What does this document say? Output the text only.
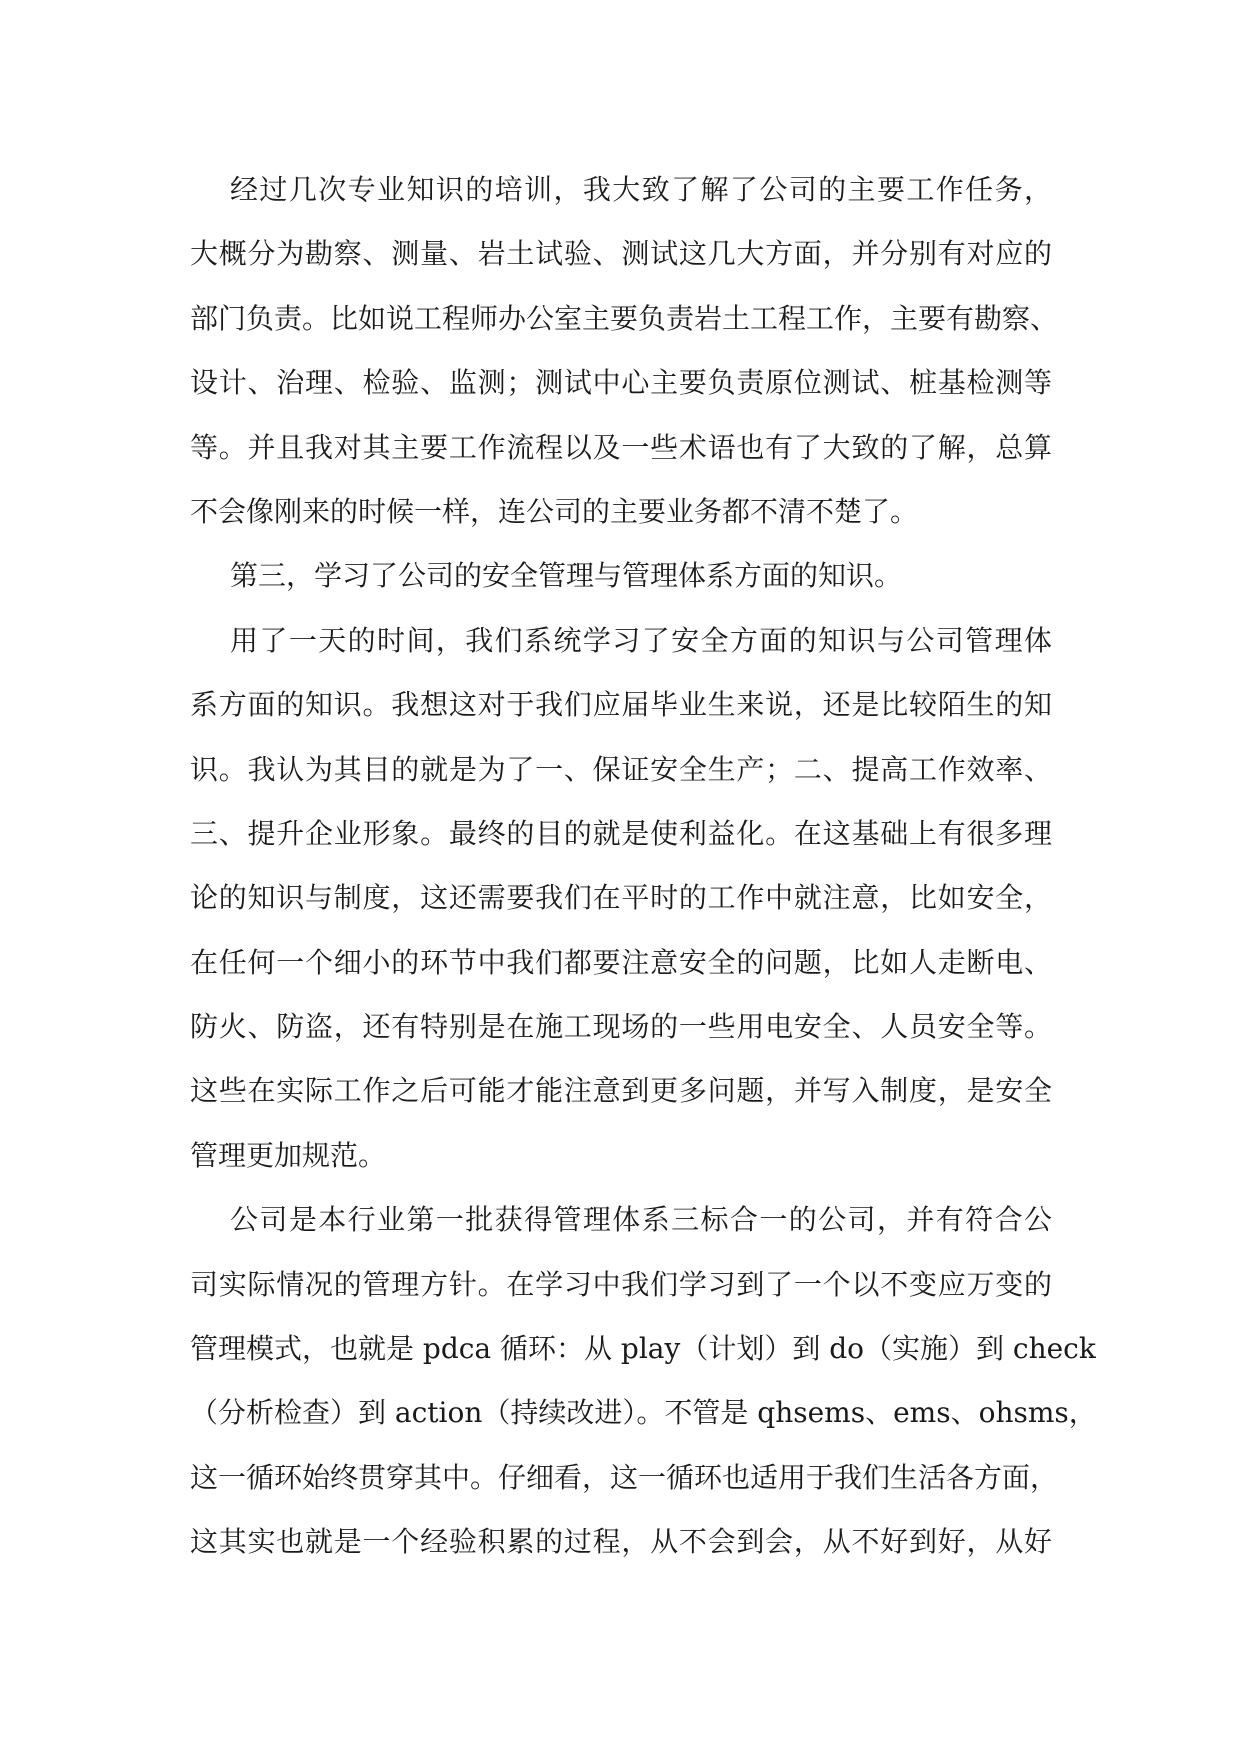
经过几次专业知识的培训，我大致了解了公司的主要工作任务，
大概分为勘察、测量、岩土试验、测试这几大方面，并分别有对应的
部门负责。比如说工程师办公室主要负责岩土工程工作，主要有勘察、
设计、治理、检验、监测；测试中心主要负责原位测试、桩基检测等
等。并且我对其主要工作流程以及一些术语也有了大致的了解，总算
不会像刚来的时候一样，连公司的主要业务都不清不楚了。
第三，学习了公司的安全管理与管理体系方面的知识。
用了一天的时间，我们系统学习了安全方面的知识与公司管理体
系方面的知识。我想这对于我们应届毕业生来说，还是比较陌生的知
识。我认为其目的就是为了一、保证安全生产；二、提高工作效率、
三、提升企业形象。最终的目的就是使利益化。在这基础上有很多理
论的知识与制度，这还需要我们在平时的工作中就注意，比如安全，
在任何一个细小的环节中我们都要注意安全的问题，比如人走断电、
防火、防盗，还有特别是在施工现场的一些用电安全、人员安全等。
这些在实际工作之后可能才能注意到更多问题，并写入制度，是安全
管理更加规范。
公司是本行业第一批获得管理体系三标合一的公司，并有符合公
司实际情况的管理方针。在学习中我们学习到了一个以不变应万变的
管理模式，也就是 pdca 循环：从 play（计划）到 do（实施）到 check
（分析检查）到 action（持续改进）。不管是 qhsems、ems、ohsms，
这一循环始终贯穿其中。仔细看，这一循环也适用于我们生活各方面，
这其实也就是一个经验积累的过程，从不会到会，从不好到好，从好
